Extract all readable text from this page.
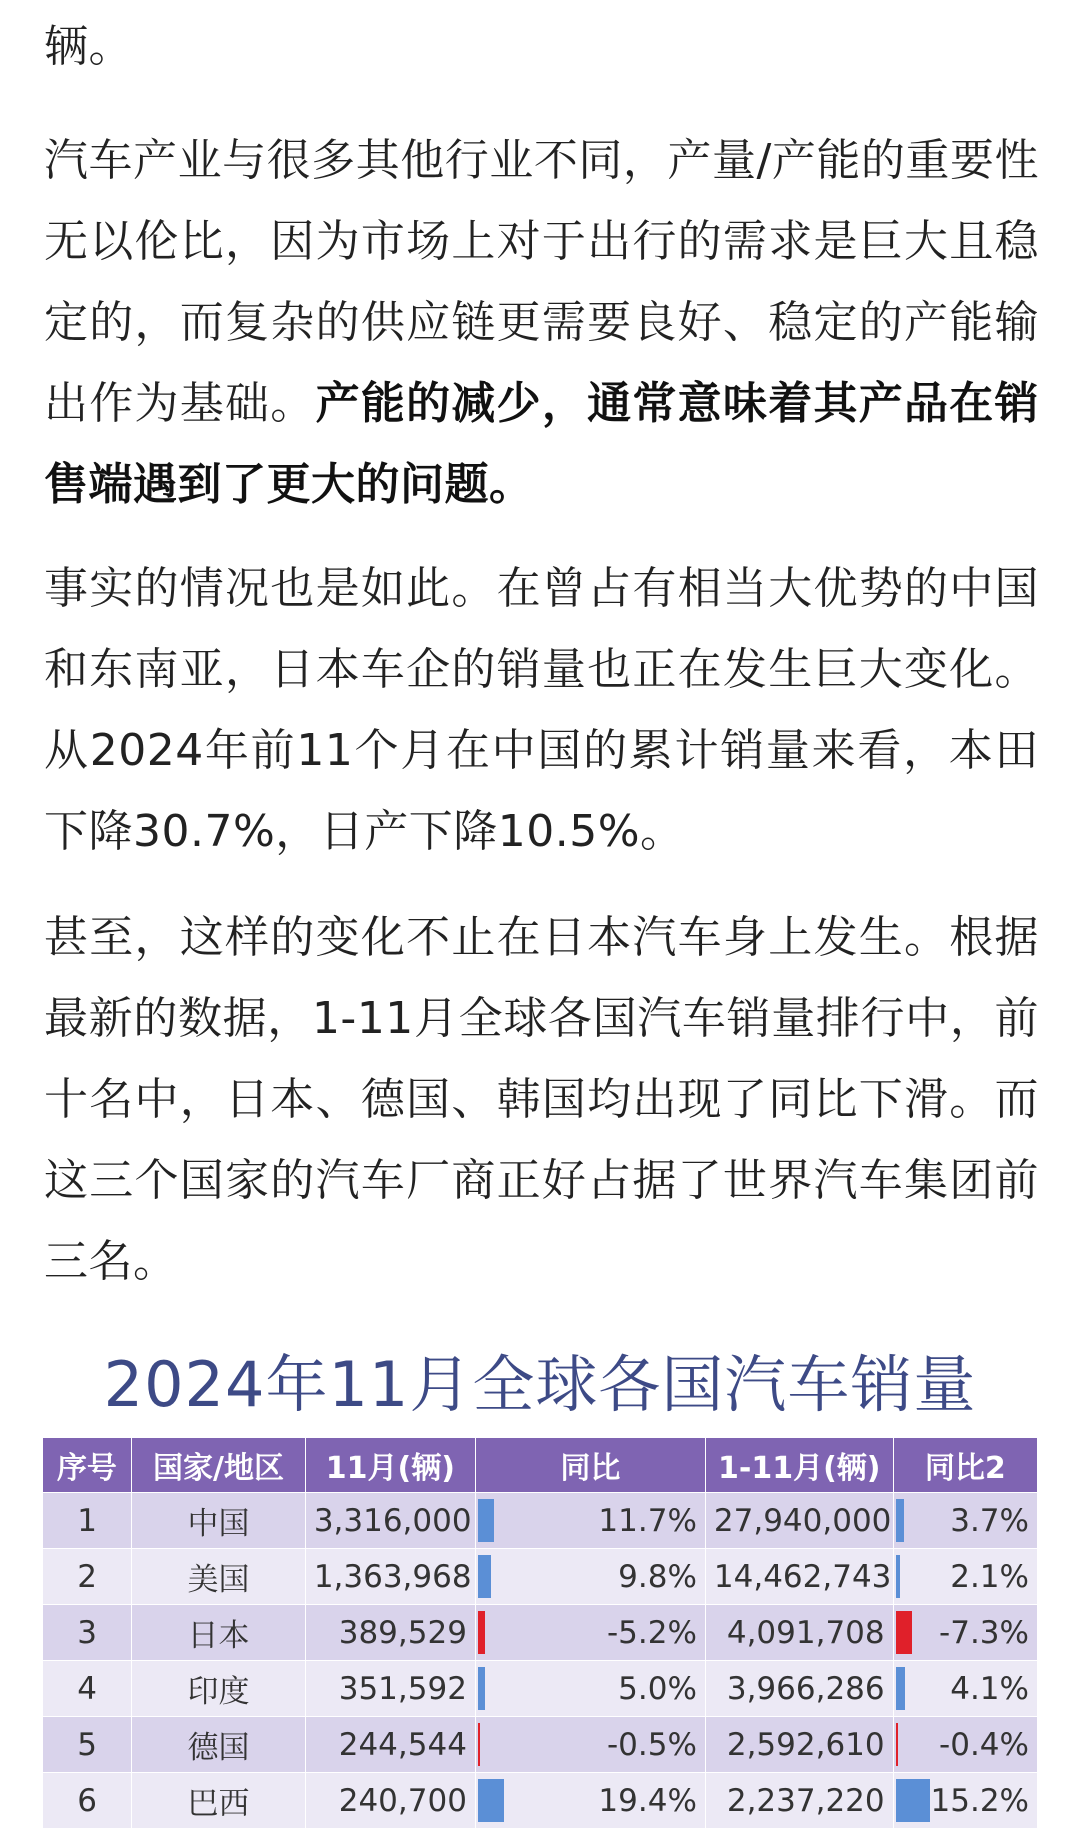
辆。

汽车产业与很多其他行业不同，产量/产能的重要性无以伦比，因为市场上对于出行的需求是巨大且稳定的，而复杂的供应链更需要良好、稳定的产能输出作为基础。产能的减少，通常意味着其产品在销售端遇到了更大的问题。

事实的情况也是如此。在曾占有相当大优势的中国和东南亚，日本车企的销量也正在发生巨大变化。从2024年前11个月在中国的累计销量来看，本田下降30.7%，日产下降10.5%。

甚至，这样的变化不止在日本汽车身上发生。根据最新的数据，1-11月全球各国汽车销量排行中，前十名中，日本、德国、韩国均出现了同比下滑。而这三个国家的汽车厂商正好占据了世界汽车集团前三名。

2024年11月全球各国汽车销量
序号	国家/地区	11月(辆)	同比	1-11月(辆)	同比2
1	中国	3,316,000	11.7%	27,940,000	3.7%
2	美国	1,363,968	9.8%	14,462,743	2.1%
3	日本	389,529	-5.2%	4,091,708	-7.3%
4	印度	351,592	5.0%	3,966,286	4.1%
5	德国	244,544	-0.5%	2,592,610	-0.4%
6	巴西	240,700	19.4%	2,237,220	15.2%
